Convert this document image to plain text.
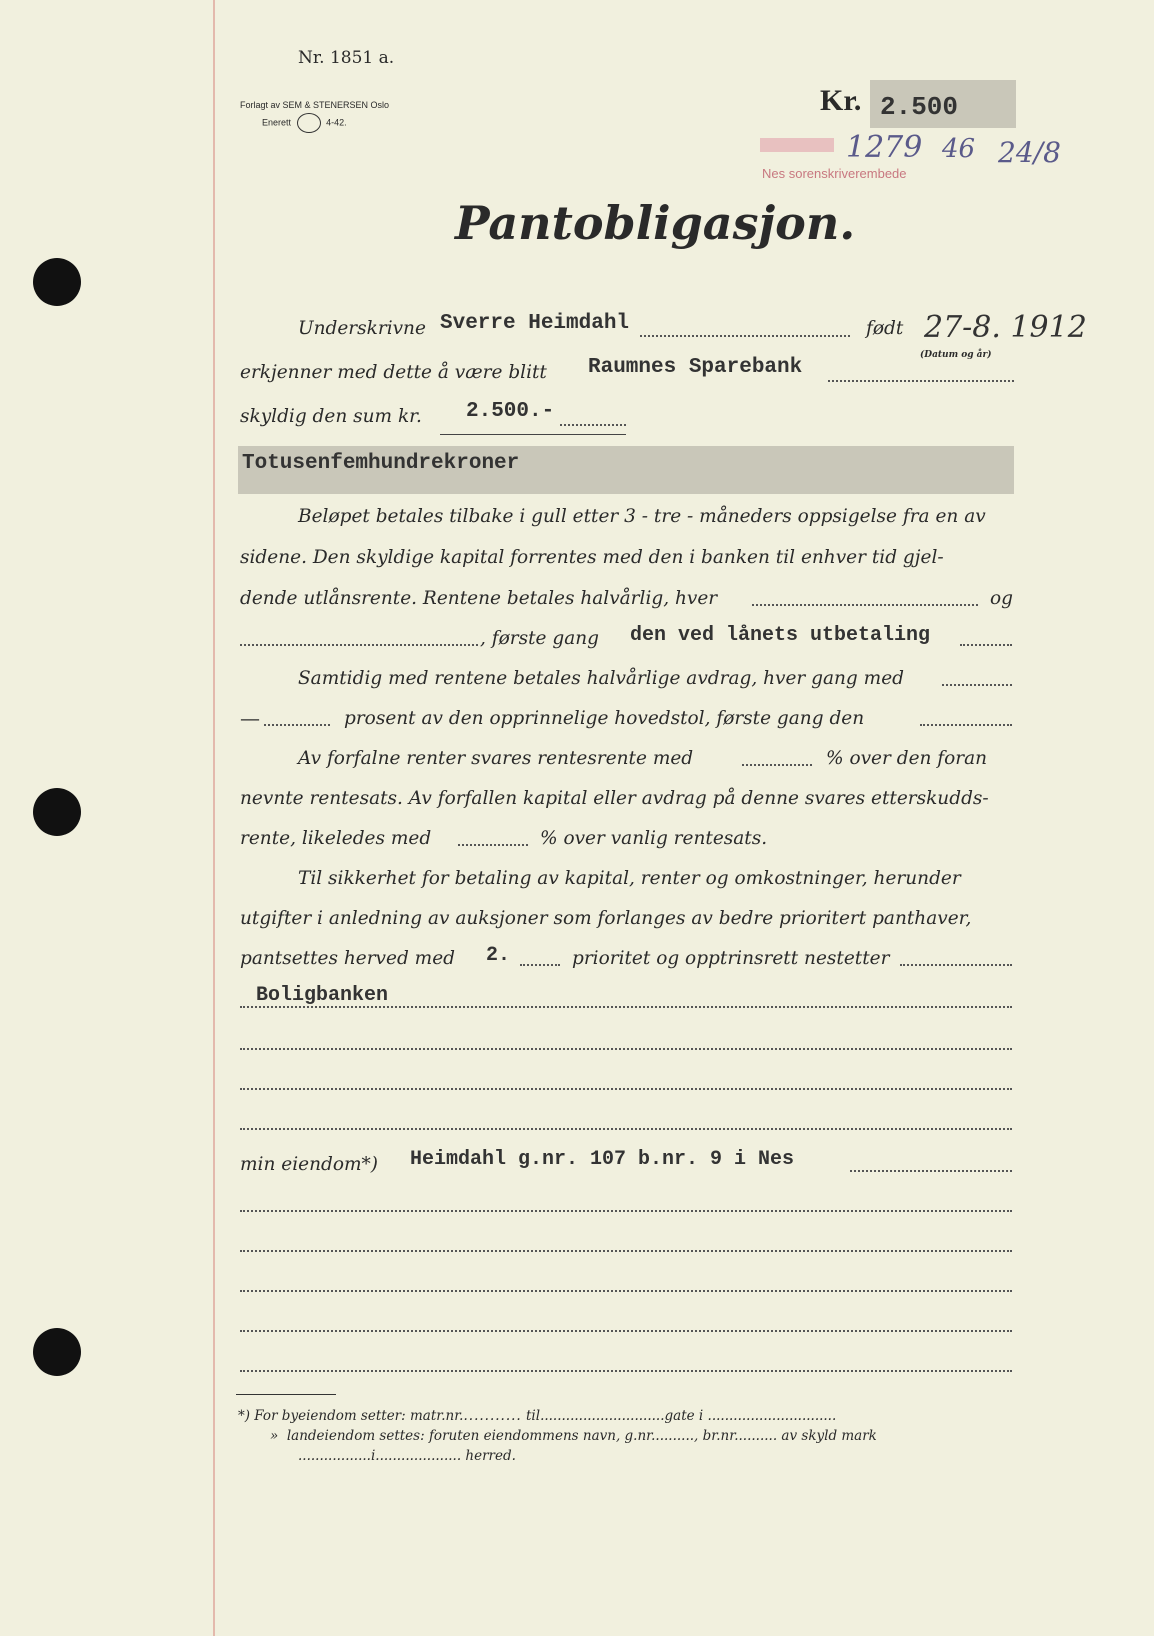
Nr. 1851 a.
Forlagt av SEM & STENERSEN Oslo
Enerett	4-42.
Kr. 2.500
1279 46 24/8
Nes sorenskriverembede
Pantobligasjon.
Underskrivne Sverre Heimdahl	født 27-8. 1912
(Datum og år)
erkjenner med dette å være blitt Raumnes Sparebank
skyldig den sum kr. 2.500.-
Totusenfemhundrekroner
Beløpet betales tilbake i gull etter 3 - tre - måneders oppsigelse fra en av
sidene. Den skyldige kapital forrentes med den i banken til enhver tid gjel-
dende utlånsrente. Rentene betales halvårlig, hver	og
, første gang den ved lånets utbetaling
Samtidig med rentene betales halvårlige avdrag, hver gang med
—	prosent av den opprinnelige hovedstol, første gang den
Av forfalne renter svares rentesrente med	% over den foran
nevnte rentesats. Av forfallen kapital eller avdrag på denne svares etterskudds-
rente, likeledes med	% over vanlig rentesats.
Til sikkerhet for betaling av kapital, renter og omkostninger, herunder
utgifter i anledning av auksjoner som forlanges av bedre prioritert panthaver,
pantsettes herved med 2.	prioritet og opptrinsrett nestetter
Boligbanken
min eiendom*) Heimdahl g.nr. 107 b.nr. 9 i Nes
*) For byeiendom setter: matr.nr............ til.............................gate i ..............................
» landeiendom settes: foruten eiendommens navn, g.nr.........., br.nr.......... av skyld mark
.................i.................... herred.
